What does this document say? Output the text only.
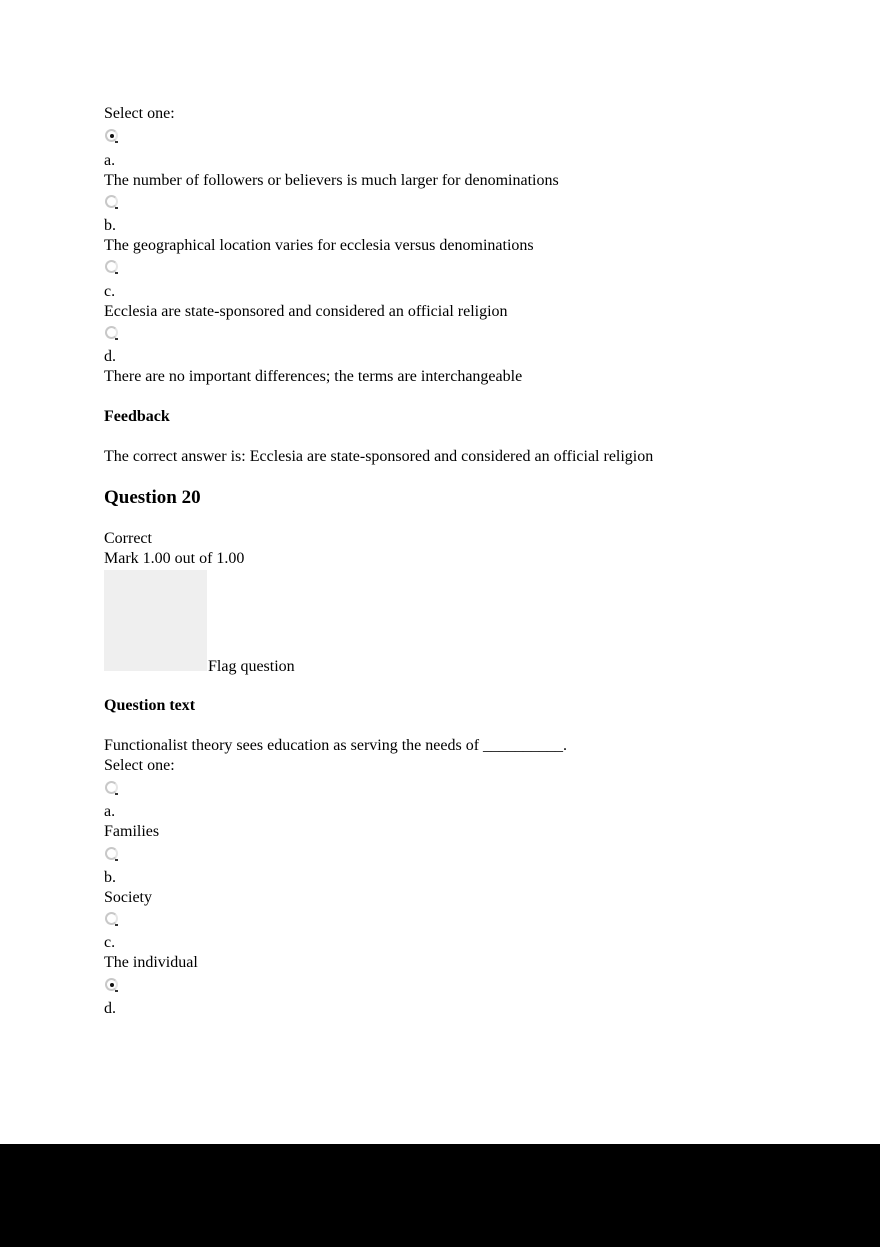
Select one:
a.
The number of followers or believers is much larger for denominations
b.
The geographical location varies for ecclesia versus denominations
c.
Ecclesia are state-sponsored and considered an official religion
d.
There are no important differences; the terms are interchangeable
Feedback
The correct answer is: Ecclesia are state-sponsored and considered an official religion
Question 20
Correct
Mark 1.00 out of 1.00
Flag question
Question text
Functionalist theory sees education as serving the needs of __________.
Select one:
a.
Families
b.
Society
c.
The individual
d.
